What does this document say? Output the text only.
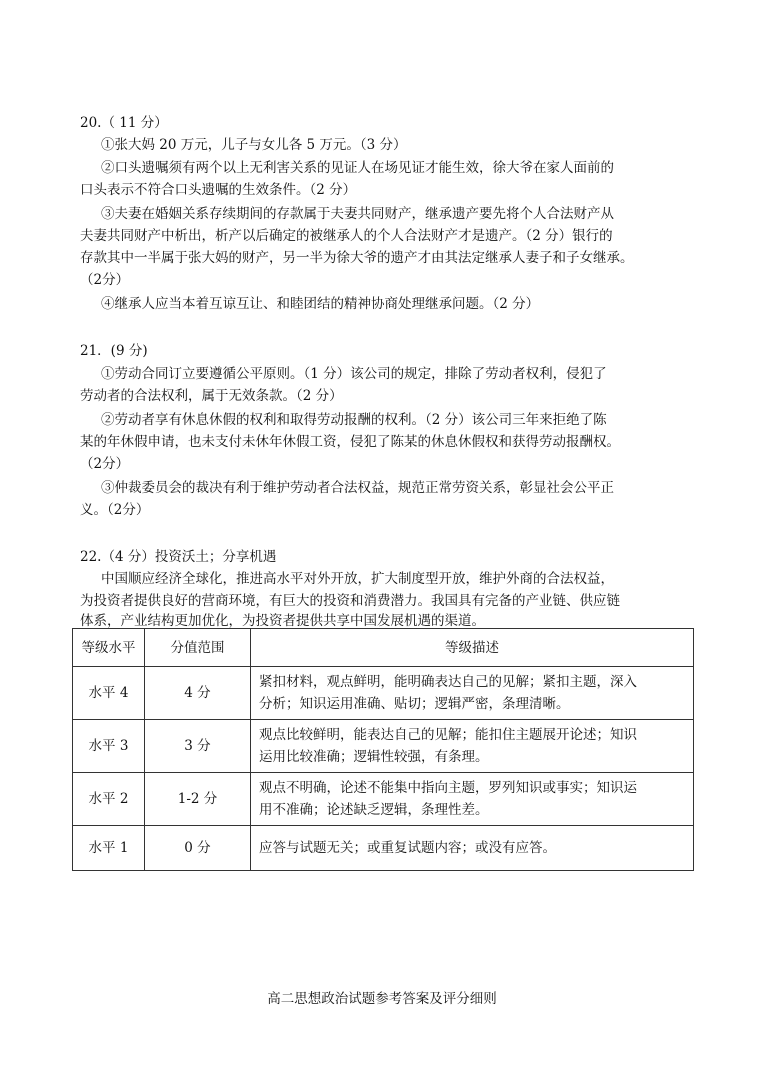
20.（ 11 分）
①张大妈 20 万元，儿子与女儿各 5 万元。（3 分）
②口头遗嘱须有两个以上无利害关系的见证人在场见证才能生效，徐大爷在家人面前的
口头表示不符合口头遗嘱的生效条件。（2 分）
③夫妻在婚姻关系存续期间的存款属于夫妻共同财产，继承遗产要先将个人合法财产从
夫妻共同财产中析出，析产以后确定的被继承人的个人合法财产才是遗产。（2 分）银行的
存款其中一半属于张大妈的财产，另一半为徐大爷的遗产才由其法定继承人妻子和子女继承。
（2分）
④继承人应当本着互谅互让、和睦团结的精神协商处理继承问题。（2 分）
21．(9 分)
①劳动合同订立要遵循公平原则。（1 分）该公司的规定，排除了劳动者权利，侵犯了
劳动者的合法权利，属于无效条款。（2 分）
②劳动者享有休息休假的权利和取得劳动报酬的权利。（2 分）该公司三年来拒绝了陈
某的年休假申请，也未支付未休年休假工资，侵犯了陈某的休息休假权和获得劳动报酬权。
（2分）
③仲裁委员会的裁决有利于维护劳动者合法权益，规范正常劳资关系，彰显社会公平正
义。（2分）
22.（4 分）投资沃土；分享机遇
中国顺应经济全球化，推进高水平对外开放，扩大制度型开放，维护外商的合法权益，
为投资者提供良好的营商环境，有巨大的投资和消费潜力。我国具有完备的产业链、供应链
体系，产业结构更加优化，为投资者提供共享中国发展机遇的渠道。
等级水平	分值范围	等级描述
水平 4	4 分	紧扣材料，观点鲜明，能明确表达自己的见解；紧扣主题，深入
分析；知识运用准确、贴切；逻辑严密，条理清晰。

水平 3	3 分	观点比较鲜明，能表达自己的见解；能扣住主题展开论述；知识
运用比较准确；逻辑性较强，有条理。

水平 2	1-2 分	观点不明确，论述不能集中指向主题，罗列知识或事实；知识运
用不准确；论述缺乏逻辑，条理性差。

水平 1	0 分	应答与试题无关；或重复试题内容；或没有应答。
高二思想政治试题参考答案及评分细则
